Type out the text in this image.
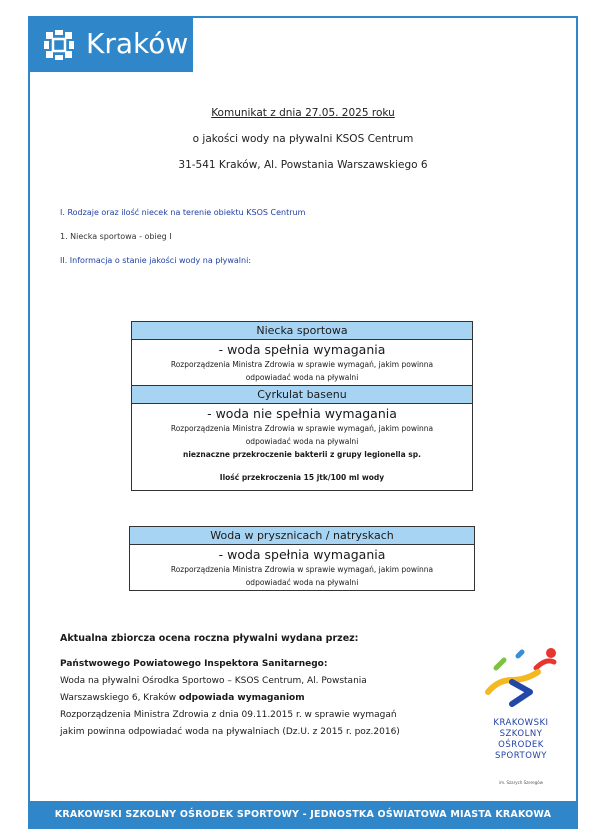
Kraków
Komunikat z dnia 27.05. 2025 roku
o jakości wody na pływalni KSOS Centrum
31-541 Kraków, Al. Powstania Warszawskiego 6
I. Rodzaje oraz ilość niecek na terenie obiektu KSOS Centrum
1. Niecka sportowa - obieg I
II. Informacja o stanie jakości wody na pływalni:
Niecka sportowa
- woda spełnia wymagania
Rozporządzenia Ministra Zdrowia w sprawie wymagań, jakim powinna
odpowiadać woda na pływalni
Cyrkulat basenu
- woda nie spełnia wymagania
Rozporządzenia Ministra Zdrowia w sprawie wymagań, jakim powinna
odpowiadać woda na pływalni
nieznaczne przekroczenie bakterii z grupy legionella sp.
Ilość przekroczenia 15 jtk/100 ml wody
Woda w prysznicach / natryskach
- woda spełnia wymagania
Rozporządzenia Ministra Zdrowia w sprawie wymagań, jakim powinna
odpowiadać woda na pływalni
Aktualna zbiorcza ocena roczna pływalni wydana przez:
Państwowego Powiatowego Inspektora Sanitarnego:
Woda na pływalni Ośrodka Sportowo – KSOS Centrum, Al. Powstania
Warszawskiego 6, Kraków odpowiada wymaganiom
Rozporządzenia Ministra Zdrowia z dnia 09.11.2015 r. w sprawie wymagań
jakim powinna odpowiadać woda na pływalniach (Dz.U. z 2015 r. poz.2016)
KRAKOWSKI
SZKOLNY
OŚRODEK
SPORTOWY
im. Szarych Szeregów
KRAKOWSKI SZKOLNY OŚRODEK SPORTOWY - JEDNOSTKA OŚWIATOWA MIASTA KRAKOWA
